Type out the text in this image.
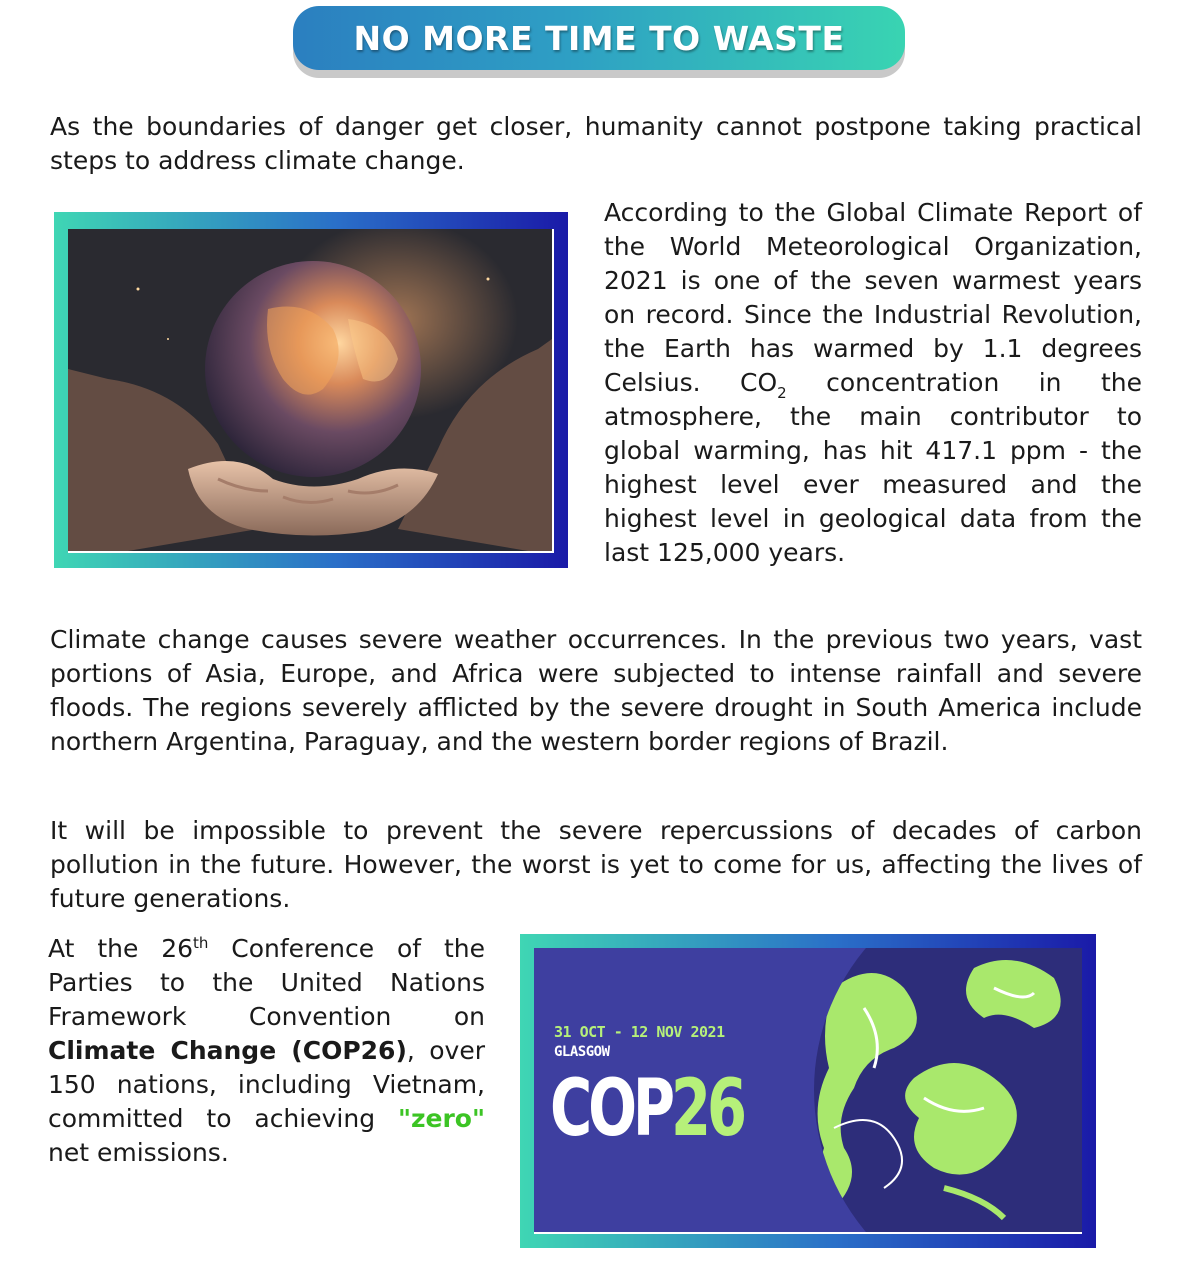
NO MORE TIME TO WASTE

As the boundaries of danger get closer, humanity cannot postpone taking practical steps to address climate change.

According to the Global Climate Report of the World Meteorological Organization, 2021 is one of the seven warmest years on record. Since the Industrial Revolution, the Earth has warmed by 1.1 degrees Celsius. $CO_2$ concentration in the atmosphere, the main contributor to global warming, has hit 417.1 ppm - the highest level ever measured and the highest level in geological data from the last 125,000 years.

Climate change causes severe weather occurrences. In the previous two years, vast portions of Asia, Europe, and Africa were subjected to intense rainfall and severe floods. The regions severely afflicted by the severe drought in South America include northern Argentina, Paraguay, and the western border regions of Brazil.

It will be impossible to prevent the severe repercussions of decades of carbon pollution in the future. However, the worst is yet to come for us, affecting the lives of future generations.

At the 26th Conference of the Parties to the United Nations Framework Convention on Climate Change (COP26), over 150 nations, including Vietnam, committed to achieving "zero" net emissions.

31 OCT - 12 NOV 2021
GLASGOW
COP26
